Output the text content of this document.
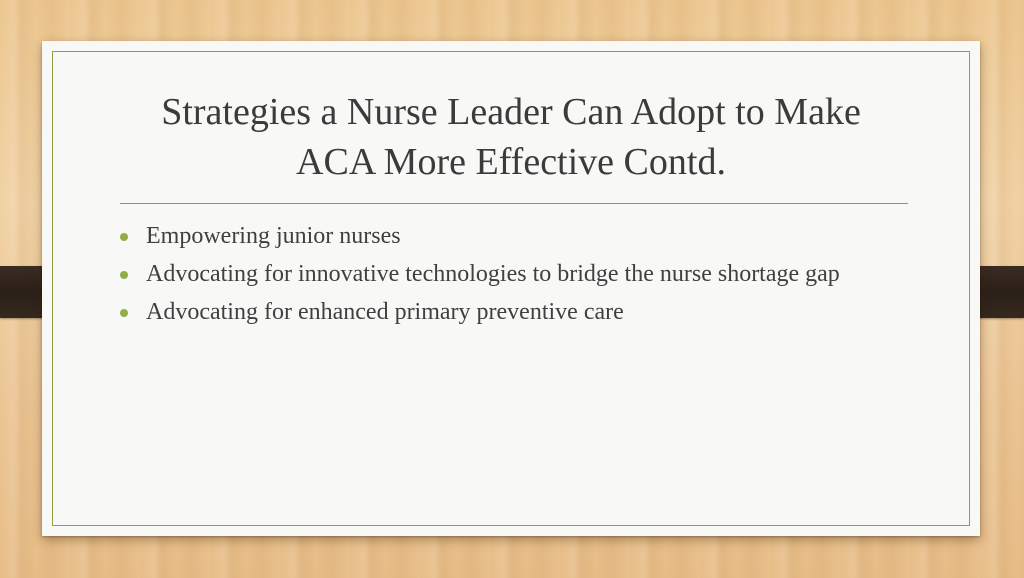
Strategies a Nurse Leader Can Adopt to Make
ACA More Effective Contd.
Empowering junior nurses
Advocating for innovative technologies to bridge the nurse shortage gap
Advocating for enhanced primary preventive care
